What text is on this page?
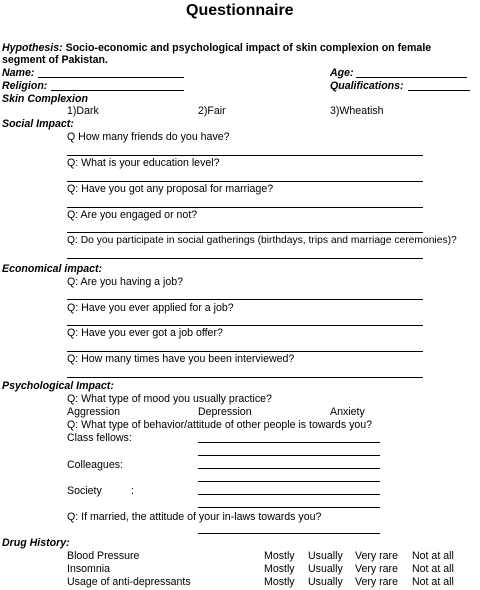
Questionnaire
Hypothesis: Socio-economic and psychological impact of skin complexion on female
segment of Pakistan.
Name:	Age:
Religion:	Qualifications:
Skin Complexion
1)Dark	2)Fair	3)Wheatish
Social Impact:
Q How many friends do you have?
Q: What is your education level?
Q: Have you got any proposal for marriage?
Q: Are you engaged or not?
Q: Do you participate in social gatherings (birthdays, trips and marriage ceremonies)?
Economical impact:
Q: Are you having a job?
Q: Have you ever applied for a job?
Q: Have you ever got a job offer?
Q: How many times have you been interviewed?
Psychological Impact:
Q: What type of mood you usually practice?
Aggression	Depression	Anxiety
Q: What type of behavior/attitude of other people is towards you?
Class fellows:
Colleagues:
Society	:
Q: If married, the attitude of your in-laws towards you?
Drug History:
Blood Pressure	Mostly Usually Very rare Not at all
Insomnia	Mostly Usually Very rare Not at all
Usage of anti-depressants	Mostly Usually Very rare Not at all
